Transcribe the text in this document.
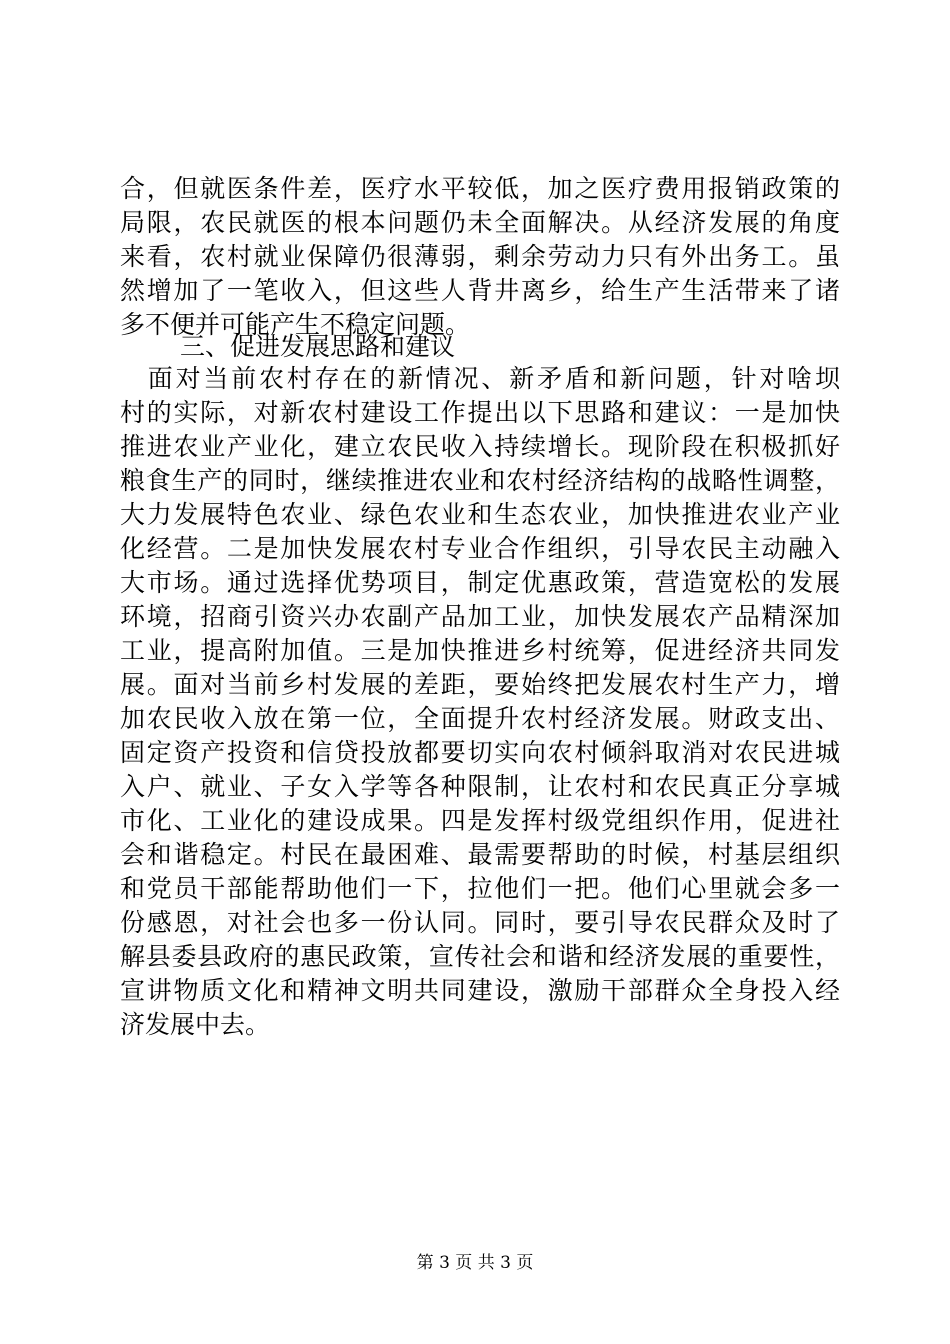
合，但就医条件差，医疗水平较低，加之医疗费用报销政策的
局限，农民就医的根本问题仍未全面解决。从经济发展的角度
来看，农村就业保障仍很薄弱，剩余劳动力只有外出务工。虽
然增加了一笔收入，但这些人背井离乡，给生产生活带来了诸
多不便并可能产生不稳定问题。
三、促进发展思路和建议
　面对当前农村存在的新情况、新矛盾和新问题，针对啥坝
村的实际，对新农村建设工作提出以下思路和建议：一是加快
推进农业产业化，建立农民收入持续增长。现阶段在积极抓好
粮食生产的同时，继续推进农业和农村经济结构的战略性调整，
大力发展特色农业、绿色农业和生态农业，加快推进农业产业
化经营。二是加快发展农村专业合作组织，引导农民主动融入
大市场。通过选择优势项目，制定优惠政策，营造宽松的发展
环境，招商引资兴办农副产品加工业，加快发展农产品精深加
工业，提高附加值。三是加快推进乡村统筹，促进经济共同发
展。面对当前乡村发展的差距，要始终把发展农村生产力，增
加农民收入放在第一位，全面提升农村经济发展。财政支出、
固定资产投资和信贷投放都要切实向农村倾斜取消对农民进城
入户、就业、子女入学等各种限制，让农村和农民真正分享城
市化、工业化的建设成果。四是发挥村级党组织作用，促进社
会和谐稳定。村民在最困难、最需要帮助的时候，村基层组织
和党员干部能帮助他们一下，拉他们一把。他们心里就会多一
份感恩，对社会也多一份认同。同时，要引导农民群众及时了
解县委县政府的惠民政策，宣传社会和谐和经济发展的重要性，
宣讲物质文化和精神文明共同建设，激励干部群众全身投入经
济发展中去。
第 3 页 共 3 页
